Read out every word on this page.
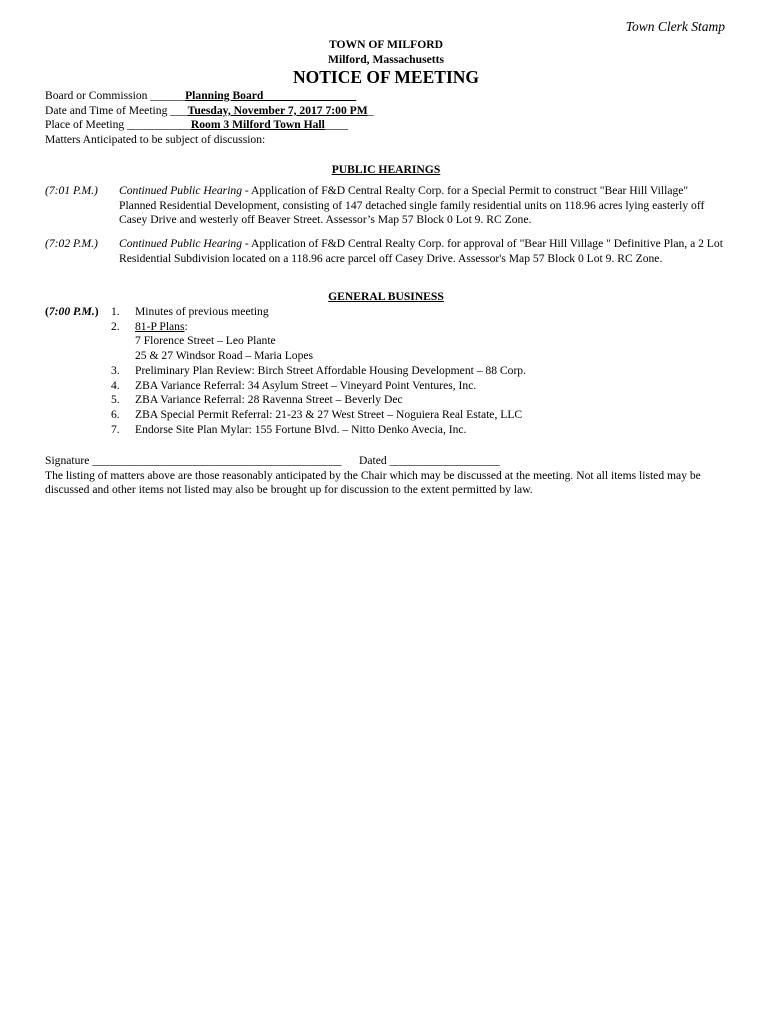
Town Clerk Stamp
TOWN OF MILFORD
Milford, Massachusetts
NOTICE OF MEETING
Board or Commission ______Planning Board________________
Date and Time of Meeting ___Tuesday, November 7, 2017 7:00 PM_
Place of Meeting ___________Room 3 Milford Town Hall____
Matters Anticipated to be subject of discussion:
PUBLIC HEARINGS
(7:01 P.M.) Continued Public Hearing - Application of F&D Central Realty Corp. for a Special Permit to construct "Bear Hill Village" Planned Residential Development, consisting of 147 detached single family residential units on 118.96 acres lying easterly off Casey Drive and westerly off Beaver Street. Assessor’s Map 57 Block 0 Lot 9. RC Zone.
(7:02 P.M.) Continued Public Hearing - Application of F&D Central Realty Corp. for approval of "Bear Hill Village " Definitive Plan, a 2 Lot Residential Subdivision located on a 118.96 acre parcel off Casey Drive. Assessor's Map 57 Block 0 Lot 9. RC Zone.
GENERAL BUSINESS
(7:00 P.M.) 1. Minutes of previous meeting
2. 81-P Plans:
7 Florence Street – Leo Plante
25 & 27 Windsor Road – Maria Lopes
3. Preliminary Plan Review: Birch Street Affordable Housing Development – 88 Corp.
4. ZBA Variance Referral: 34 Asylum Street – Vineyard Point Ventures, Inc.
5. ZBA Variance Referral: 28 Ravenna Street – Beverly Dec
6. ZBA Special Permit Referral: 21-23 & 27 West Street – Noguiera Real Estate, LLC
7. Endorse Site Plan Mylar: 155 Fortune Blvd. – Nitto Denko Avecia, Inc.
Signature ___________________________________________ Dated ___________________
The listing of matters above are those reasonably anticipated by the Chair which may be discussed at the meeting. Not all items listed may be discussed and other items not listed may also be brought up for discussion to the extent permitted by law.
